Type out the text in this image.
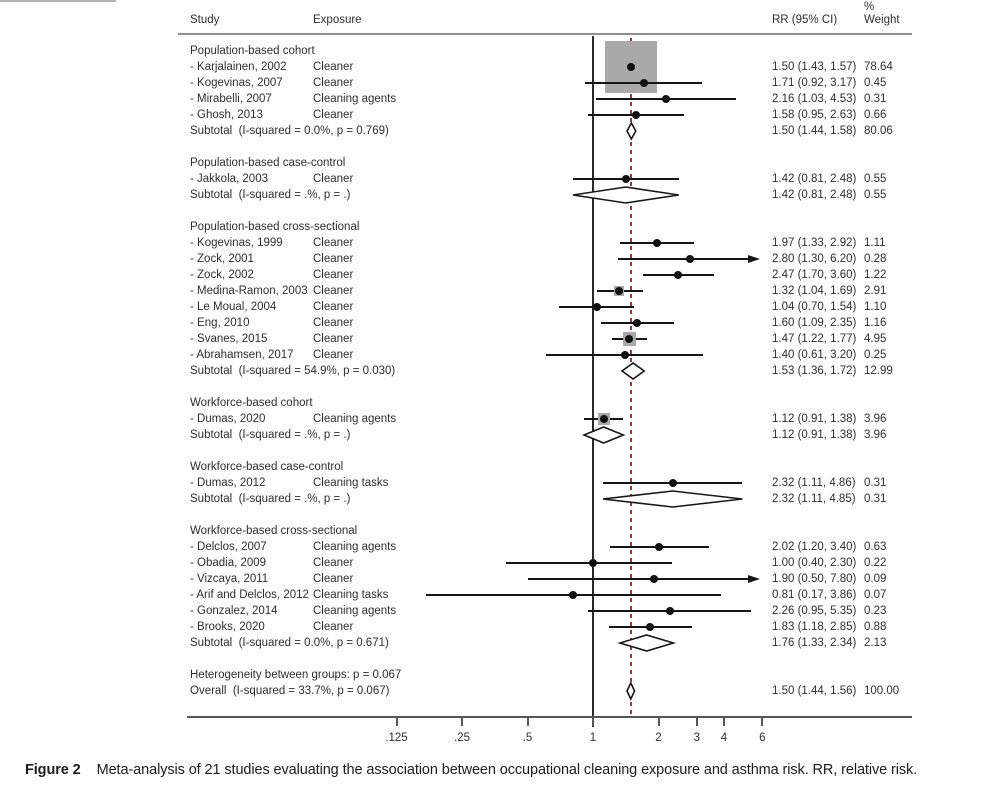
Study	Exposure	RR (95% CI)
%
Weight
Population-based cohort
- Karjalainen, 2002 Cleaner	1.50 (1.43, 1.57) 78.64
- Kogevinas, 2007	Cleaner	1.71 (0.92, 3.17) 0.45
- Mirabelli, 2007	Cleaning agents	2.16 (1.03, 4.53) 0.31
- Ghosh, 2013	Cleaner	1.58 (0.95, 2.63) 0.66
Subtotal  (I-squared = 0.0%, p = 0.769)	1.50 (1.44, 1.58) 80.06
Population-based case-control
- Jakkola, 2003	Cleaner	1.42 (0.81, 2.48) 0.55
Subtotal  (I-squared = .%, p = .)	1.42 (0.81, 2.48) 0.55
Population-based cross-sectional
- Kogevinas, 1999	Cleaner	1.97 (1.33, 2.92) 1.11
- Zock, 2001	Cleaner	2.80 (1.30, 6.20) 0.28
- Zock, 2002	Cleaner	2.47 (1.70, 3.60) 1.22
- Medina-Ramon, 2003 Cleaner	1.32 (1.04, 1.69) 2.91
- Le Moual, 2004	Cleaner	1.04 (0.70, 1.54) 1.10
- Eng, 2010	Cleaner	1.60 (1.09, 2.35) 1.16
- Svanes, 2015	Cleaner	1.47 (1.22, 1.77) 4.95
- Abrahamsen, 2017 Cleaner	1.40 (0.61, 3.20) 0.25
Subtotal  (I-squared = 54.9%, p = 0.030)	1.53 (1.36, 1.72) 12.99
Workforce-based cohort
- Dumas, 2020	Cleaning agents	1.12 (0.91, 1.38) 3.96
Subtotal  (I-squared = .%, p = .)	1.12 (0.91, 1.38) 3.96
Workforce-based case-control
- Dumas, 2012	Cleaning tasks	2.32 (1.11, 4.86) 0.31
Subtotal  (I-squared = .%, p = .)	2.32 (1.11, 4.85) 0.31
Workforce-based cross-sectional
- Delclos, 2007	Cleaning agents	2.02 (1.20, 3.40) 0.63
- Obadia, 2009	Cleaner	1.00 (0.40, 2.30) 0.22
- Vizcaya, 2011	Cleaner	1.90 (0.50, 7.80) 0.09
- Arif and Delclos, 2012 Cleaning tasks	0.81 (0.17, 3.86) 0.07
- Gonzalez, 2014	Cleaning agents	2.26 (0.95, 5.35) 0.23
- Brooks, 2020	Cleaner	1.83 (1.18, 2.85) 0.88
Subtotal  (I-squared = 0.0%, p = 0.671)	1.76 (1.33, 2.34) 2.13
Heterogeneity between groups: p = 0.067
Overall  (I-squared = 33.7%, p = 0.067)	1.50 (1.44, 1.56) 100.00
.125	.25	.5	1	2	3	4	6
Figure 2 Meta-analysis of 21 studies evaluating the association between occupational cleaning exposure and asthma risk. RR, relative risk.
